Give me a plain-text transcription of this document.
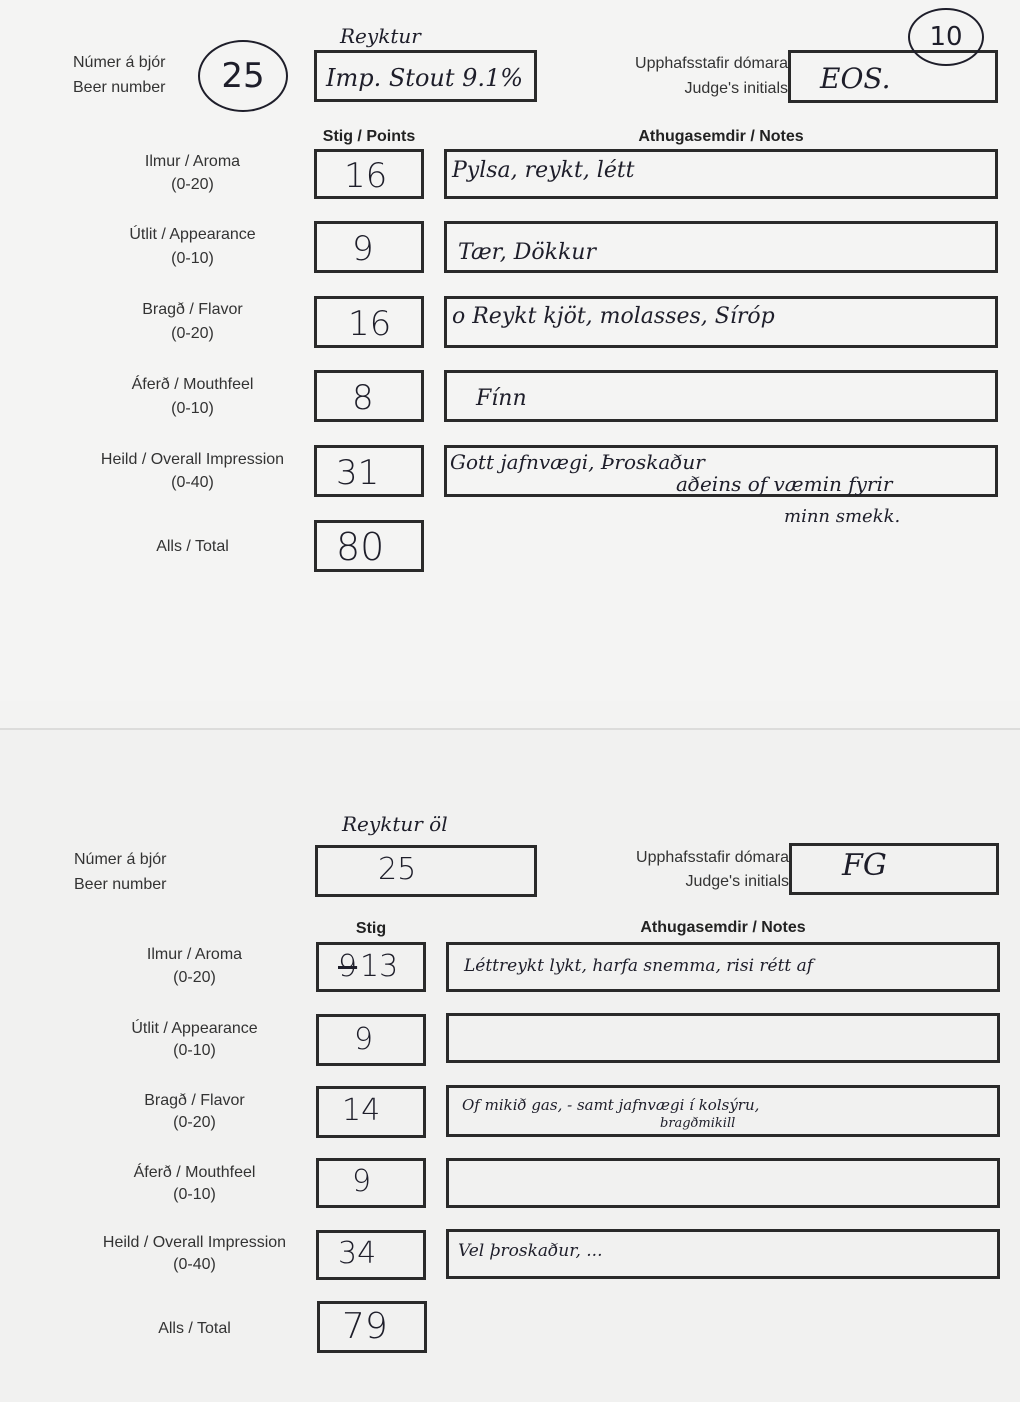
Númer á bjór
Beer number	25
Reyktur
Imp. Stout 9.1%
Upphafsstafir dómara
Judge's initials EOS.
10
Stig / Points	Athugasemdir / Notes
Ilmur / Aroma
(0-20)	16	Pylsa, reykt, létt
Útlit / Appearance
(0-10)	9	Tær, Dökkur
Bragð / Flavor
(0-20)	16	o Reykt kjöt, molasses, Síróp
Áferð / Mouthfeel
(0-10)	8	Fínn
Heild / Overall Impression
(0-40)	31	Gott jafnvægi, Þroskaður
aðeins of væmin fyrir
minn smekk.
Alls / Total	80
Reyktur öl
Númer á bjór
Beer number	25	Upphafsstafir dómara
Judge's initials FG
Stig	Athugasemdir / Notes
Ilmur / Aroma
(0-20)	9 13	Léttreykt lykt, harfa snemma, risi rétt af
Útlit / Appearance
(0-10)	9
Bragð / Flavor
(0-20)	14	Of mikið gas, - samt jafnvægi í kolsýru,
bragðmikill
Áferð / Mouthfeel
(0-10)	9
Heild / Overall Impression
(0-40)	34	Vel þroskaður, ...
Alls / Total	79
